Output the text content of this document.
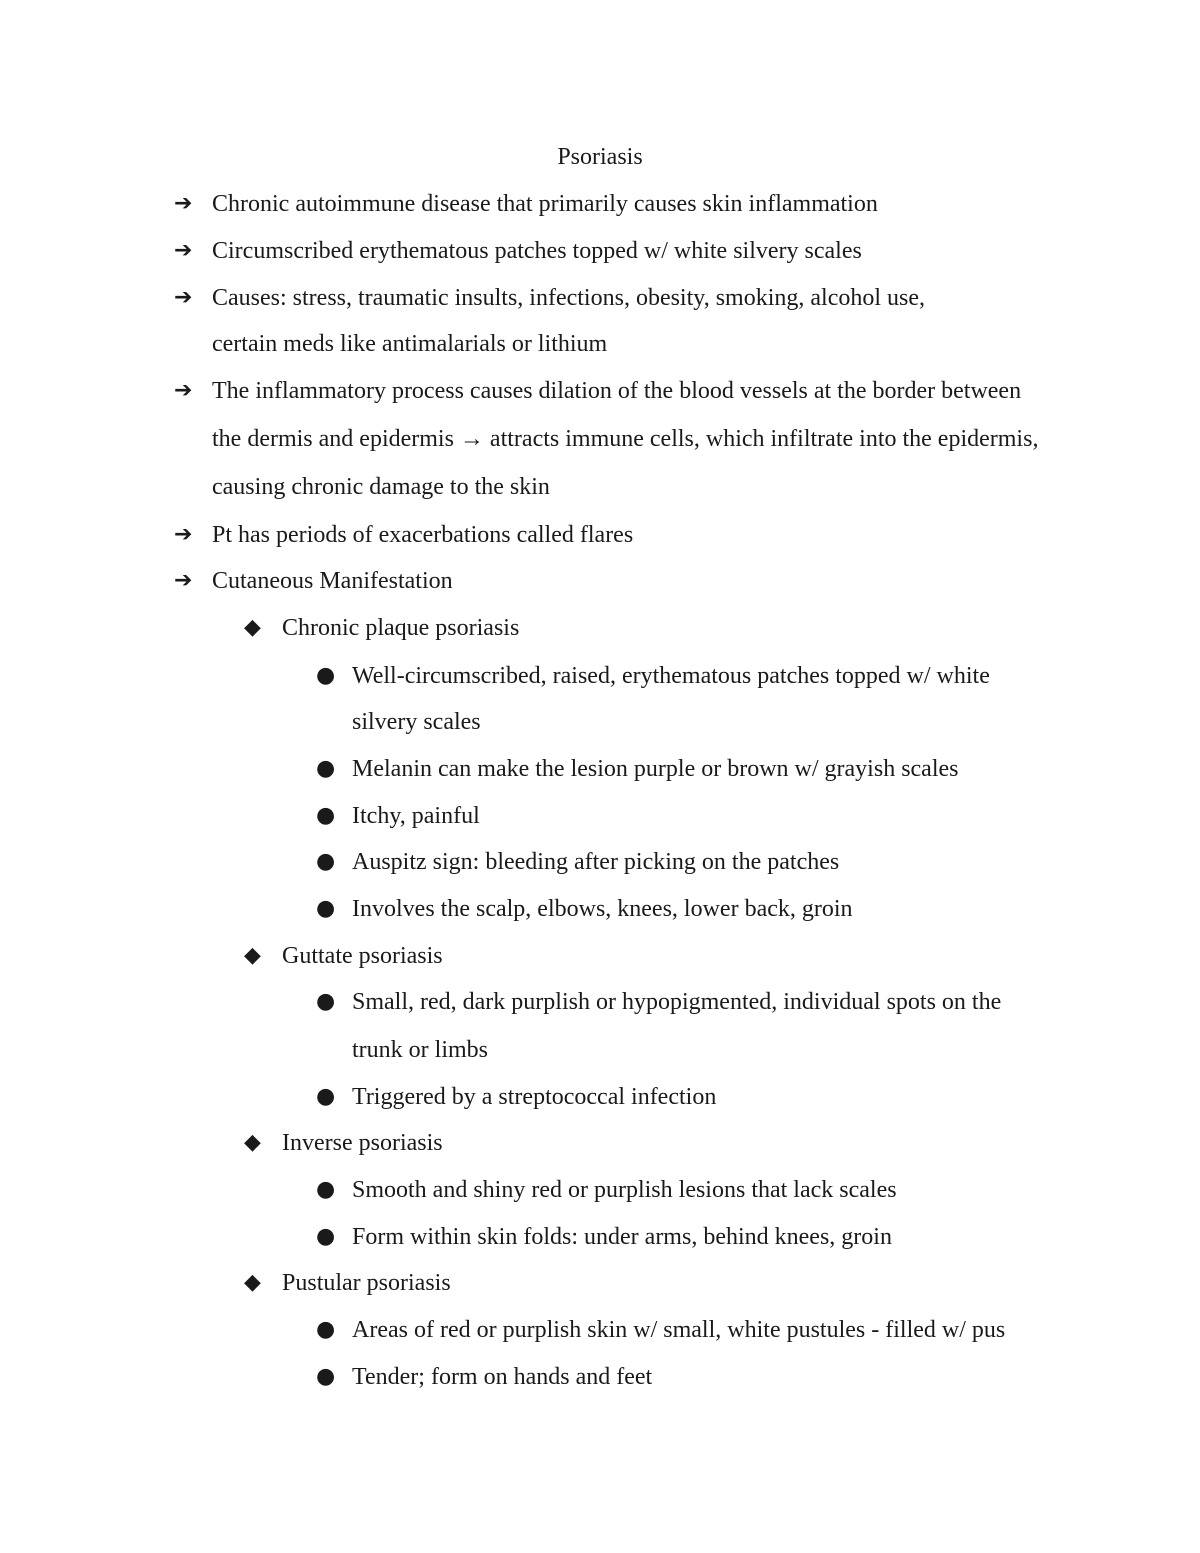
Psoriasis
➔ Chronic autoimmune disease that primarily causes skin inflammation
➔ Circumscribed erythematous patches topped w/ white silvery scales
➔ Causes: stress, traumatic insults, infections, obesity, smoking, alcohol use,
certain meds like antimalarials or lithium
➔ The inflammatory process causes dilation of the blood vessels at the border between
the dermis and epidermis → attracts immune cells, which infiltrate into the epidermis,
causing chronic damage to the skin
➔ Pt has periods of exacerbations called flares
➔ Cutaneous Manifestation
◆ Chronic plaque psoriasis
● Well-circumscribed, raised, erythematous patches topped w/ white
silvery scales
● Melanin can make the lesion purple or brown w/ grayish scales
● Itchy, painful
● Auspitz sign: bleeding after picking on the patches
● Involves the scalp, elbows, knees, lower back, groin
◆ Guttate psoriasis
● Small, red, dark purplish or hypopigmented, individual spots on the
trunk or limbs
● Triggered by a streptococcal infection
◆ Inverse psoriasis
● Smooth and shiny red or purplish lesions that lack scales
● Form within skin folds: under arms, behind knees, groin
◆ Pustular psoriasis
● Areas of red or purplish skin w/ small, white pustules - filled w/ pus
● Tender; form on hands and feet
